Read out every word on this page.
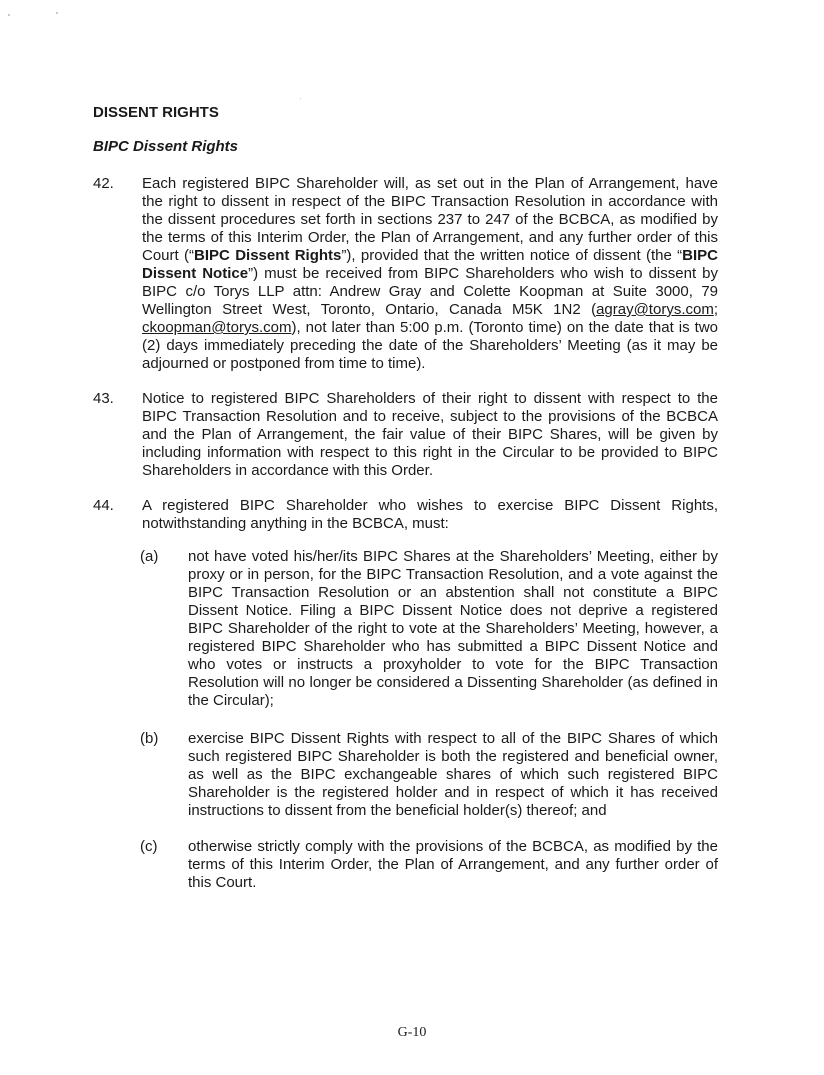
DISSENT RIGHTS
BIPC Dissent Rights
42.	Each registered BIPC Shareholder will, as set out in the Plan of Arrangement, have the right to dissent in respect of the BIPC Transaction Resolution in accordance with the dissent procedures set forth in sections 237 to 247 of the BCBCA, as modified by the terms of this Interim Order, the Plan of Arrangement, and any further order of this Court (“BIPC Dissent Rights”), provided that the written notice of dissent (the “BIPC Dissent Notice”) must be received from BIPC Shareholders who wish to dissent by BIPC c/o Torys LLP attn: Andrew Gray and Colette Koopman at Suite 3000, 79 Wellington Street West, Toronto, Ontario, Canada M5K 1N2 (agray@torys.com; ckoopman@torys.com), not later than 5:00 p.m. (Toronto time) on the date that is two (2) days immediately preceding the date of the Shareholders’ Meeting (as it may be adjourned or postponed from time to time).
43.	Notice to registered BIPC Shareholders of their right to dissent with respect to the BIPC Transaction Resolution and to receive, subject to the provisions of the BCBCA and the Plan of Arrangement, the fair value of their BIPC Shares, will be given by including information with respect to this right in the Circular to be provided to BIPC Shareholders in accordance with this Order.
44.	A registered BIPC Shareholder who wishes to exercise BIPC Dissent Rights, notwithstanding anything in the BCBCA, must:
(a)	not have voted his/her/its BIPC Shares at the Shareholders’ Meeting, either by proxy or in person, for the BIPC Transaction Resolution, and a vote against the BIPC Transaction Resolution or an abstention shall not constitute a BIPC Dissent Notice. Filing a BIPC Dissent Notice does not deprive a registered BIPC Shareholder of the right to vote at the Shareholders’ Meeting, however, a registered BIPC Shareholder who has submitted a BIPC Dissent Notice and who votes or instructs a proxyholder to vote for the BIPC Transaction Resolution will no longer be considered a Dissenting Shareholder (as defined in the Circular);
(b)	exercise BIPC Dissent Rights with respect to all of the BIPC Shares of which such registered BIPC Shareholder is both the registered and beneficial owner, as well as the BIPC exchangeable shares of which such registered BIPC Shareholder is the registered holder and in respect of which it has received instructions to dissent from the beneficial holder(s) thereof; and
(c)	otherwise strictly comply with the provisions of the BCBCA, as modified by the terms of this Interim Order, the Plan of Arrangement, and any further order of this Court.
G-10
